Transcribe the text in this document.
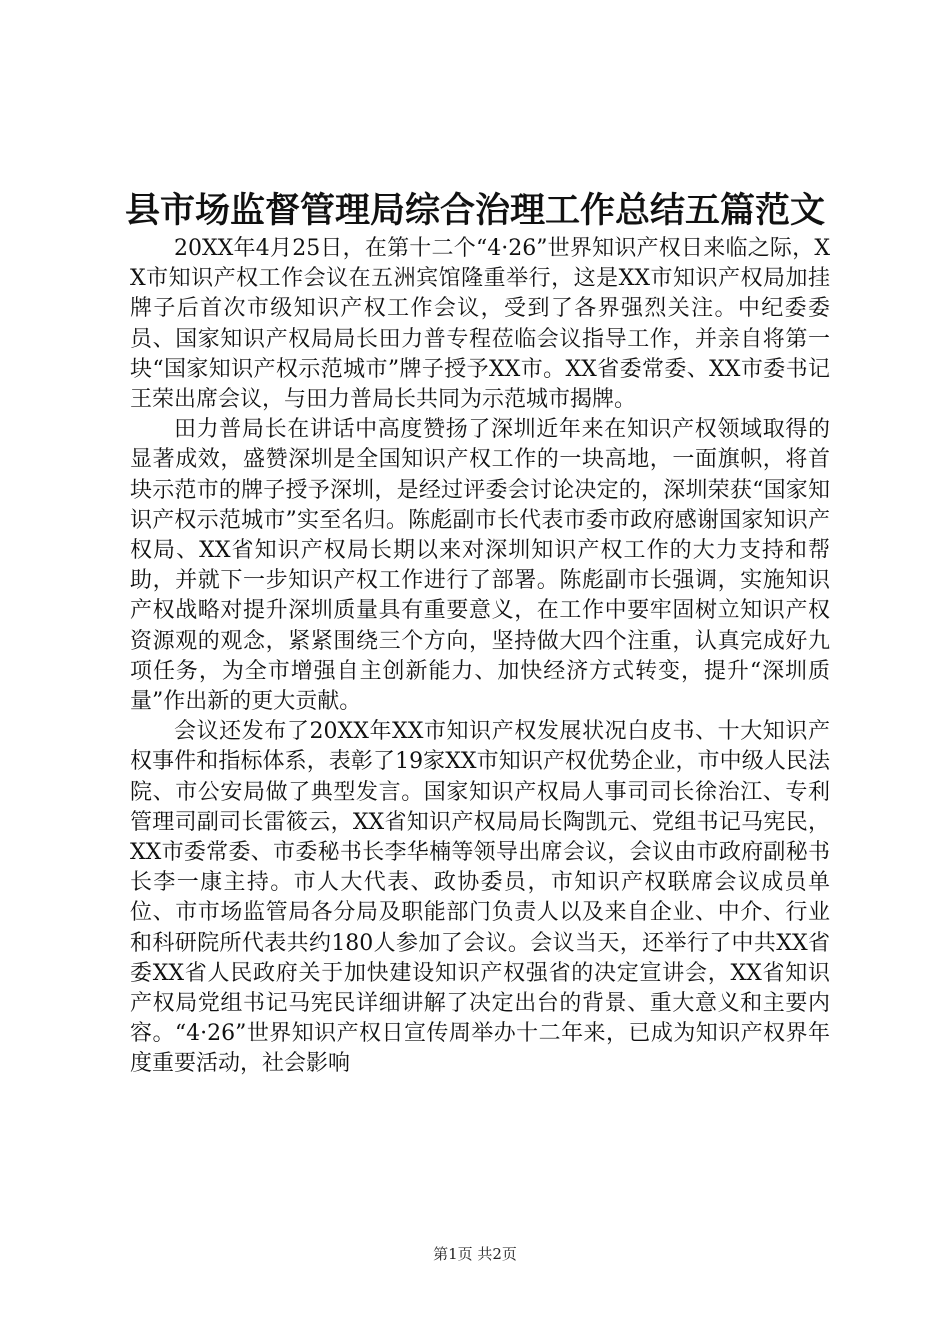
县市场监督管理局综合治理工作总结五篇范文

20XX年4月25日，在第十二个“4·26”世界知识产权日来临之际，XX市知识产权工作会议在五洲宾馆隆重举行，这是XX市知识产权局加挂牌子后首次市级知识产权工作会议，受到了各界强烈关注。中纪委委员、国家知识产权局局长田力普专程莅临会议指导工作，并亲自将第一块“国家知识产权示范城市”牌子授予XX市。XX省委常委、XX市委书记王荣出席会议，与田力普局长共同为示范城市揭牌。

田力普局长在讲话中高度赞扬了深圳近年来在知识产权领域取得的显著成效，盛赞深圳是全国知识产权工作的一块高地，一面旗帜，将首块示范市的牌子授予深圳，是经过评委会讨论决定的，深圳荣获“国家知识产权示范城市”实至名归。陈彪副市长代表市委市政府感谢国家知识产权局、XX省知识产权局长期以来对深圳知识产权工作的大力支持和帮助，并就下一步知识产权工作进行了部署。陈彪副市长强调，实施知识产权战略对提升深圳质量具有重要意义，在工作中要牢固树立知识产权资源观的观念，紧紧围绕三个方向，坚持做大四个注重，认真完成好九项任务，为全市增强自主创新能力、加快经济方式转变，提升“深圳质量”作出新的更大贡献。

会议还发布了20XX年XX市知识产权发展状况白皮书、十大知识产权事件和指标体系，表彰了19家XX市知识产权优势企业，市中级人民法院、市公安局做了典型发言。国家知识产权局人事司司长徐治江、专利管理司副司长雷筱云，XX省知识产权局局长陶凯元、党组书记马宪民，XX市委常委、市委秘书长李华楠等领导出席会议，会议由市政府副秘书长李一康主持。市人大代表、政协委员，市知识产权联席会议成员单位、市市场监管局各分局及职能部门负责人以及来自企业、中介、行业和科研院所代表共约180人参加了会议。会议当天，还举行了中共XX省委XX省人民政府关于加快建设知识产权强省的决定宣讲会，XX省知识产权局党组书记马宪民详细讲解了决定出台的背景、重大意义和主要内容。“4·26”世界知识产权日宣传周举办十二年来，已成为知识产权界年度重要活动，社会影响

第1页 共2页
